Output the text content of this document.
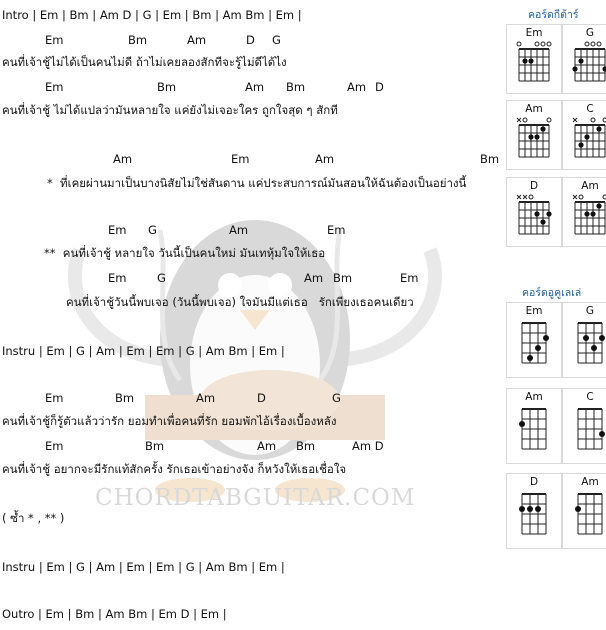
CHORDTABGUITAR.COM
Intro | Em | Bm | Am D | G | Em | Bm | Am Bm | Em |
Em	Bm	Am	D G
คนที่เจ้าชู้ไม่ได้เป็นคนไม่ดี ถ้าไม่เคยลองสักทีจะรู้ไม่ดีได้ไง
Em	Bm	Am Bm	Am D
คนที่เจ้าชู้ ไม่ได้แปลว่ามันหลายใจ แค่ยังไม่เจอะใคร ถูกใจสุด ๆ สักที
Am	Em	Am	Bm
*  ที่เคยผ่านมาเป็นบางนิสัยไม่ใช่สันดาน แค่ประสบการณ์มันสอนให้ฉันต้องเป็นอย่างนี้
Em G	Am	Em
**  คนที่เจ้าชู้ หลายใจ วันนี้เป็นคนใหม่ มันเทหุ้มใจให้เธอ
Em	G	Am Bm	Em
คนที่เจ้าชู้วันนี้พบเจอ (วันนี้พบเจอ) ใจมันมีแต่เธอ   รักเพียงเธอคนเดียว
Instru | Em | G | Am | Em | Em | G | Am Bm | Em |
Em	Bm	Am	D	G
คนที่เจ้าชู้ก็รู้ตัวแล้วว่ารัก ยอมทำเพื่อคนที่รัก ยอมพักไอ้เรื่องเบื้องหลัง
Em	Bm	Am Bm	Am D
คนที่เจ้าชู้ อยากจะมีรักแท้สักครั้ง รักเธอเข้าอย่างจัง ก็หวังให้เธอเชื่อใจ
( ซ้ำ * , ** )
Instru | Em | G | Am | Em | Em | G | Am Bm | Em |
Outro | Em | Bm | Am Bm | Em D | Em |
คอร์ดกีต้าร์
Em	G
Am	C
D	Am
คอร์ดอูคูเลเล่
Em	G
Am	C
D	Am
